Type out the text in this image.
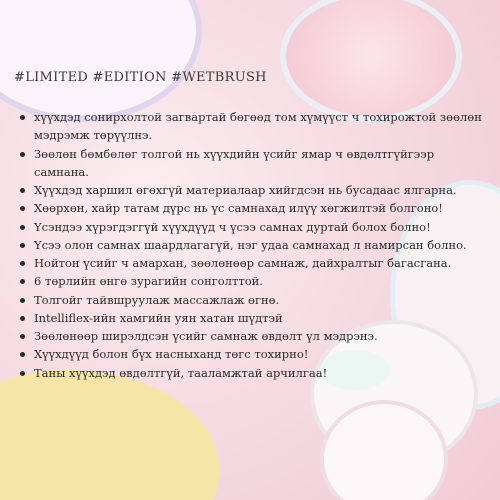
#LIMITED #EDITION #WETBRUSH
хүүхдэд сонирхолтой загвартай бөгөөд том хүмүүст ч тохирожтой зөөлөн мэдрэмж төрүүлнэ.
Зөөлөн бөмбөлөг толгой нь хүүхдийн үсийг ямар ч өвдөлтгүйгээр самнана.
Хүүхдэд харшил өгөхгүй материалаар хийгдсэн нь бусадаас ялгарна.
Хөөрхөн, хайр татам дүрс нь үс самнахад илүү хөгжилтэй болгоно!
Үсэндээ хүрэгдэггүй хүүхдүүд ч үсээ самнах дуртай болох болно!
Үсээ олон самнах шаардлагагүй, нэг удаа самнахад л намирсан болно.
Нойтон үсийг ч амархан, зөөлөнөөр самнаж, дайхралтыг багасгана.
6 төрлийн өнгө зурагийн сонголттой.
Толгойг тайвшруулаж массажлаж өгнө.
Intelliflex-ийн хамгийн уян хатан шүдтэй
Зөөлөнөөр ширэлдсэн үсийг самнаж өвдөлт үл мэдрэнэ.
Хүүхдүүд болон бүх насныханд төгс тохирно!
Таны хүүхдэд өвдөлтгүй, тааламжтай арчилгаа!
